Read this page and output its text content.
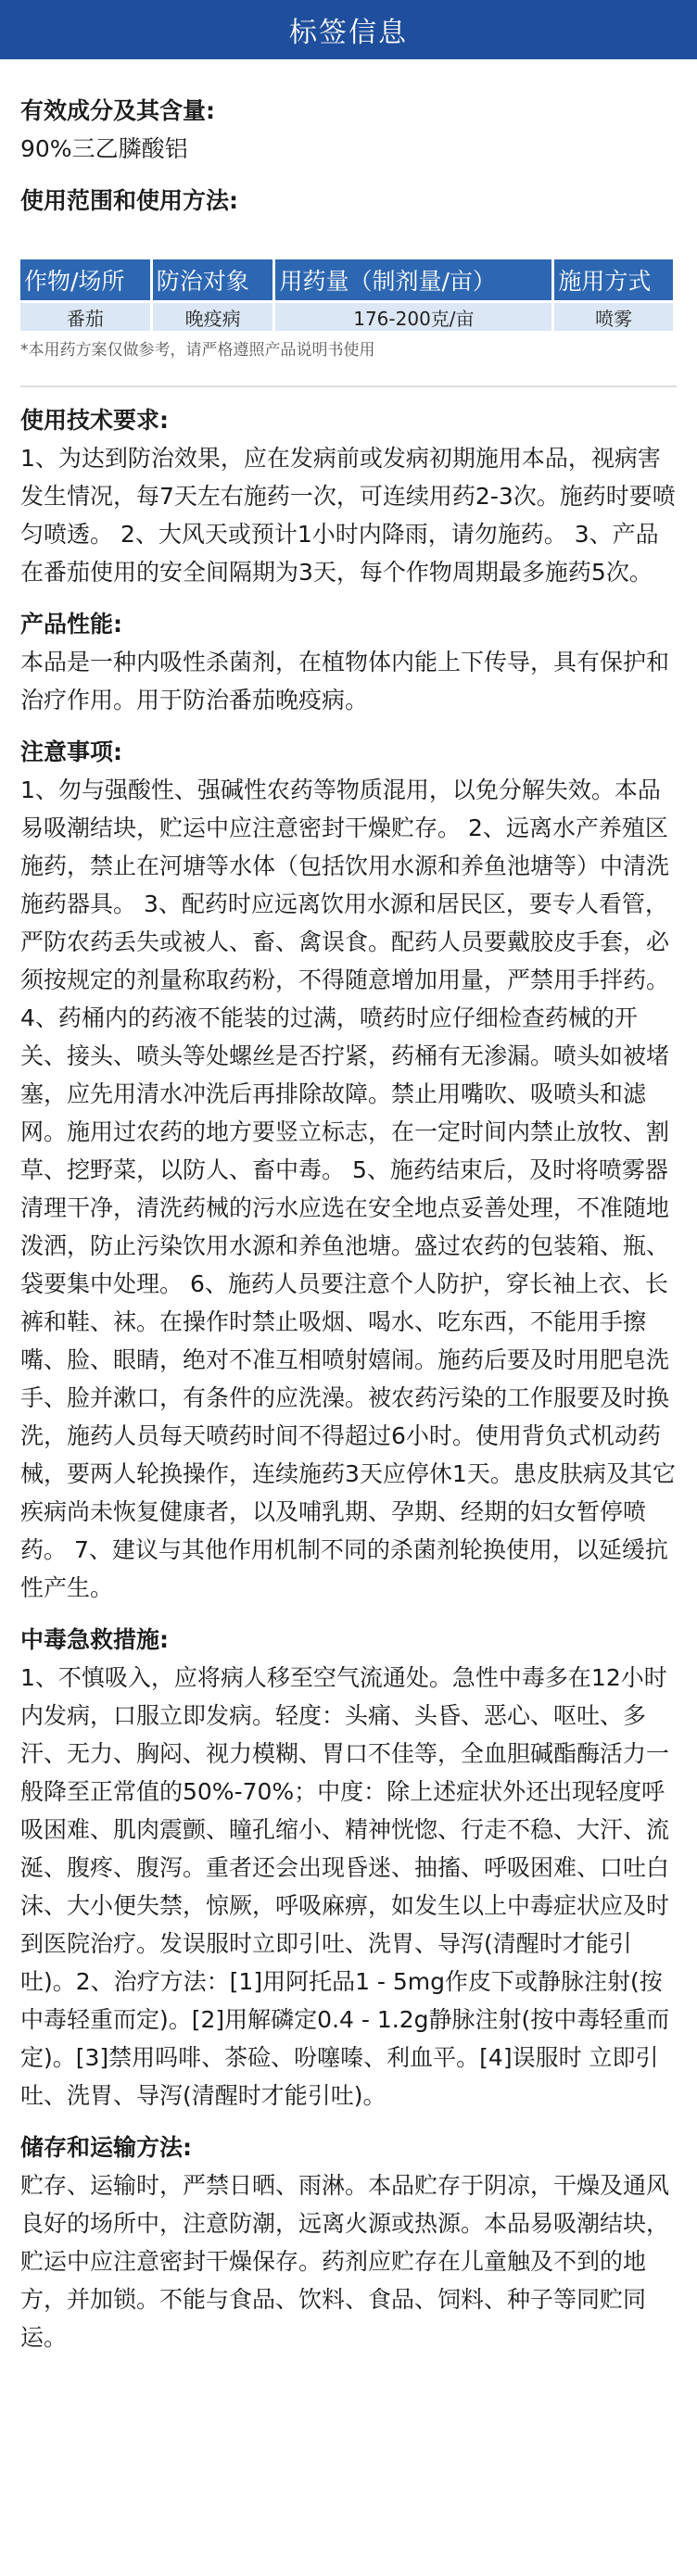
标签信息

有效成分及其含量:

90%三乙膦酸铝

使用范围和使用方法:

作物/场所	防治对象	用药量（制剂量/亩）	施用方式
番茄	晚疫病	176-200克/亩	喷雾

*本用药方案仅做参考，请严格遵照产品说明书使用

使用技术要求:

1、为达到防治效果，应在发病前或发病初期施用本品，视病害发生情况，每7天左右施药一次，可连续用药2-3次。施药时要喷匀喷透。 2、大风天或预计1小时内降雨，请勿施药。 3、产品在番茄使用的安全间隔期为3天，每个作物周期最多施药5次。

产品性能:

本品是一种内吸性杀菌剂，在植物体内能上下传导，具有保护和治疗作用。用于防治番茄晚疫病。

注意事项:

1、勿与强酸性、强碱性农药等物质混用，以免分解失效。本品易吸潮结块，贮运中应注意密封干燥贮存。 2、远离水产养殖区施药，禁止在河塘等水体（包括饮用水源和养鱼池塘等）中清洗施药器具。 3、配药时应远离饮用水源和居民区，要专人看管，严防农药丢失或被人、畜、禽误食。配药人员要戴胶皮手套，必须按规定的剂量称取药粉，不得随意增加用量，严禁用手拌药。 4、药桶内的药液不能装的过满，喷药时应仔细检查药械的开关、接头、喷头等处螺丝是否拧紧，药桶有无渗漏。喷头如被堵塞，应先用清水冲洗后再排除故障。禁止用嘴吹、吸喷头和滤网。施用过农药的地方要竖立标志，在一定时间内禁止放牧、割草、挖野菜，以防人、畜中毒。 5、施药结束后，及时将喷雾器清理干净，清洗药械的污水应选在安全地点妥善处理，不准随地泼洒，防止污染饮用水源和养鱼池塘。盛过农药的包装箱、瓶、袋要集中处理。 6、施药人员要注意个人防护，穿长袖上衣、长裤和鞋、袜。在操作时禁止吸烟、喝水、吃东西，不能用手擦嘴、脸、眼睛，绝对不准互相喷射嬉闹。施药后要及时用肥皂洗手、脸并漱口，有条件的应洗澡。被农药污染的工作服要及时换洗，施药人员每天喷药时间不得超过6小时。使用背负式机动药械，要两人轮换操作，连续施药3天应停休1天。患皮肤病及其它疾病尚未恢复健康者，以及哺乳期、孕期、经期的妇女暂停喷药。 7、建议与其他作用机制不同的杀菌剂轮换使用，以延缓抗性产生。

中毒急救措施:

1、不慎吸入，应将病人移至空气流通处。急性中毒多在12小时内发病，口服立即发病。轻度：头痛、头昏、恶心、呕吐、多汗、无力、胸闷、视力模糊、胃口不佳等，全血胆碱酯酶活力一般降至正常值的50%-70%；中度：除上述症状外还出现轻度呼吸困难、肌肉震颤、瞳孔缩小、精神恍惚、行走不稳、大汗、流涎、腹疼、腹泻。重者还会出现昏迷、抽搐、呼吸困难、口吐白沫、大小便失禁，惊厥，呼吸麻痹，如发生以上中毒症状应及时到医院治疗。发误服时立即引吐、洗胃、导泻(清醒时才能引吐)。2、治疗方法：[1]用阿托品1 - 5mg作皮下或静脉注射(按中毒轻重而定)。[2]用解磷定0.4 - 1.2g静脉注射(按中毒轻重而定)。[3]禁用吗啡、茶硷、吩噻嗪、利血平。[4]误服时 立即引吐、洗胃、导泻(清醒时才能引吐)。

储存和运输方法:

贮存、运输时，严禁日晒、雨淋。本品贮存于阴凉，干燥及通风良好的场所中，注意防潮，远离火源或热源。本品易吸潮结块，贮运中应注意密封干燥保存。药剂应贮存在儿童触及不到的地方，并加锁。不能与食品、饮料、食品、饲料、种子等同贮同运。
